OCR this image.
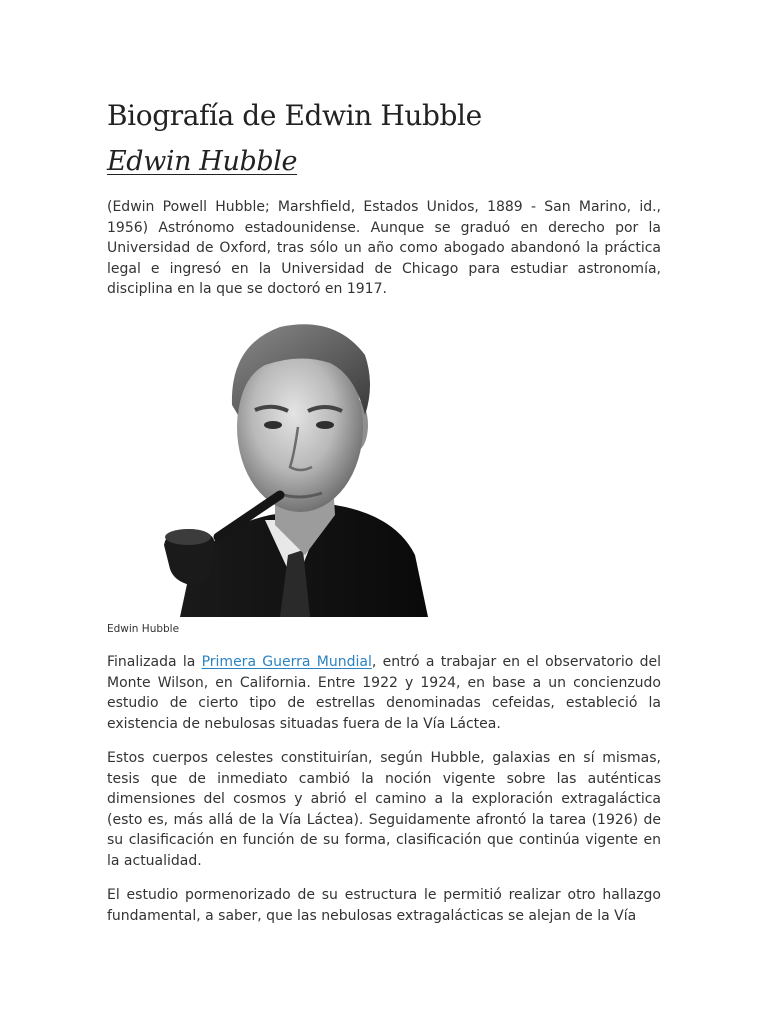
Biografía de Edwin Hubble
Edwin Hubble

(Edwin Powell Hubble; Marshfield, Estados Unidos, 1889 - San Marino, id., 1956) Astrónomo estadounidense. Aunque se graduó en derecho por la Universidad de Oxford, tras sólo un año como abogado abandonó la práctica legal e ingresó en la Universidad de Chicago para estudiar astronomía, disciplina en la que se doctoró en 1917.

Edwin Hubble

Finalizada la Primera Guerra Mundial, entró a trabajar en el observatorio del Monte Wilson, en California. Entre 1922 y 1924, en base a un concienzudo estudio de cierto tipo de estrellas denominadas cefeidas, estableció la existencia de nebulosas situadas fuera de la Vía Láctea.

Estos cuerpos celestes constituirían, según Hubble, galaxias en sí mismas, tesis que de inmediato cambió la noción vigente sobre las auténticas dimensiones del cosmos y abrió el camino a la exploración extragaláctica (esto es, más allá de la Vía Láctea). Seguidamente afrontó la tarea (1926) de su clasificación en función de su forma, clasificación que continúa vigente en la actualidad.

El estudio pormenorizado de su estructura le permitió realizar otro hallazgo fundamental, a saber, que las nebulosas extragalácticas se alejan de la Vía
